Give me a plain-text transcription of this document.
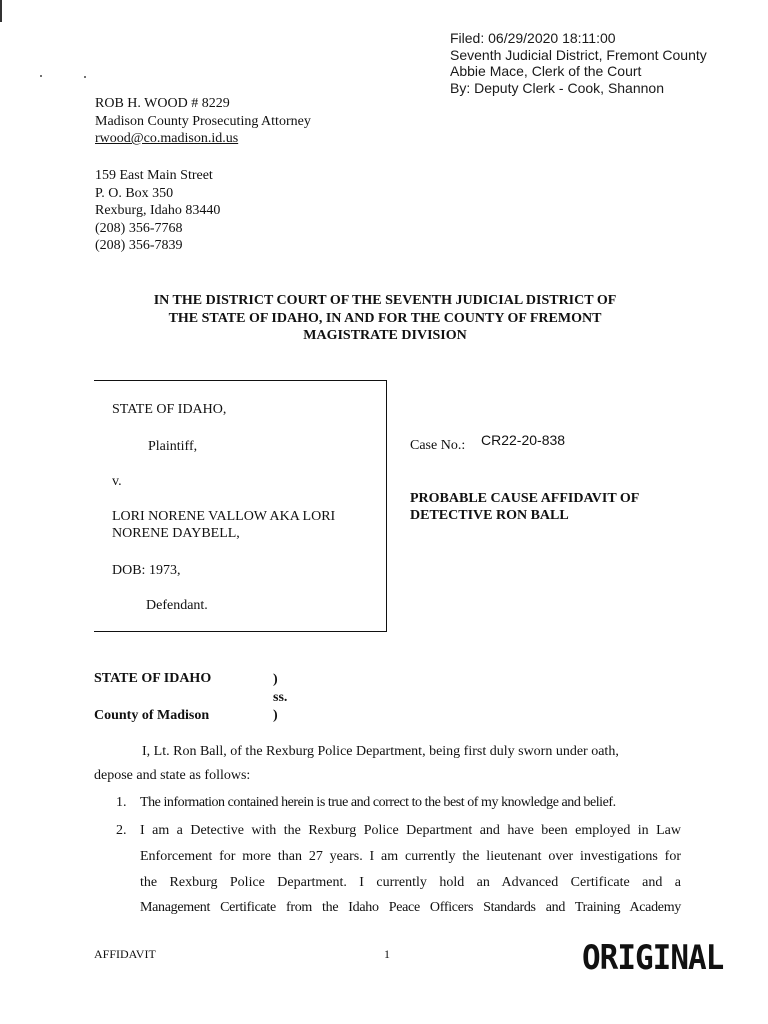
Filed: 06/29/2020 18:11:00
Seventh Judicial District, Fremont County
Abbie Mace, Clerk of the Court
By: Deputy Clerk - Cook, Shannon
ROB H. WOOD # 8229
Madison County Prosecuting Attorney
rwood@co.madison.id.us
159 East Main Street
P. O. Box 350
Rexburg, Idaho 83440
(208) 356-7768
(208) 356-7839
IN THE DISTRICT COURT OF THE SEVENTH JUDICIAL DISTRICT OF
THE STATE OF IDAHO, IN AND FOR THE COUNTY OF FREMONT
MAGISTRATE DIVISION
STATE OF IDAHO,
Plaintiff,
v.
LORI NORENE VALLOW AKA LORI
NORENE DAYBELL,
DOB: 1973,
Defendant.
Case No.: CR22-20-838
PROBABLE CAUSE AFFIDAVIT OF
DETECTIVE RON BALL
STATE OF IDAHO	)
ss.
County of Madison	)
I, Lt. Ron Ball, of the Rexburg Police Department, being first duly sworn under oath,
depose and state as follows:
1. The information contained herein is true and correct to the best of my knowledge and belief.
2. I am a Detective with the Rexburg Police Department and have been employed in Law
Enforcement for more than 27 years. I am currently the lieutenant over investigations for
the Rexburg Police Department. I currently hold an Advanced Certificate and a
Management Certificate from the Idaho Peace Officers Standards and Training Academy
AFFIDAVIT	1	ORIGINAL
